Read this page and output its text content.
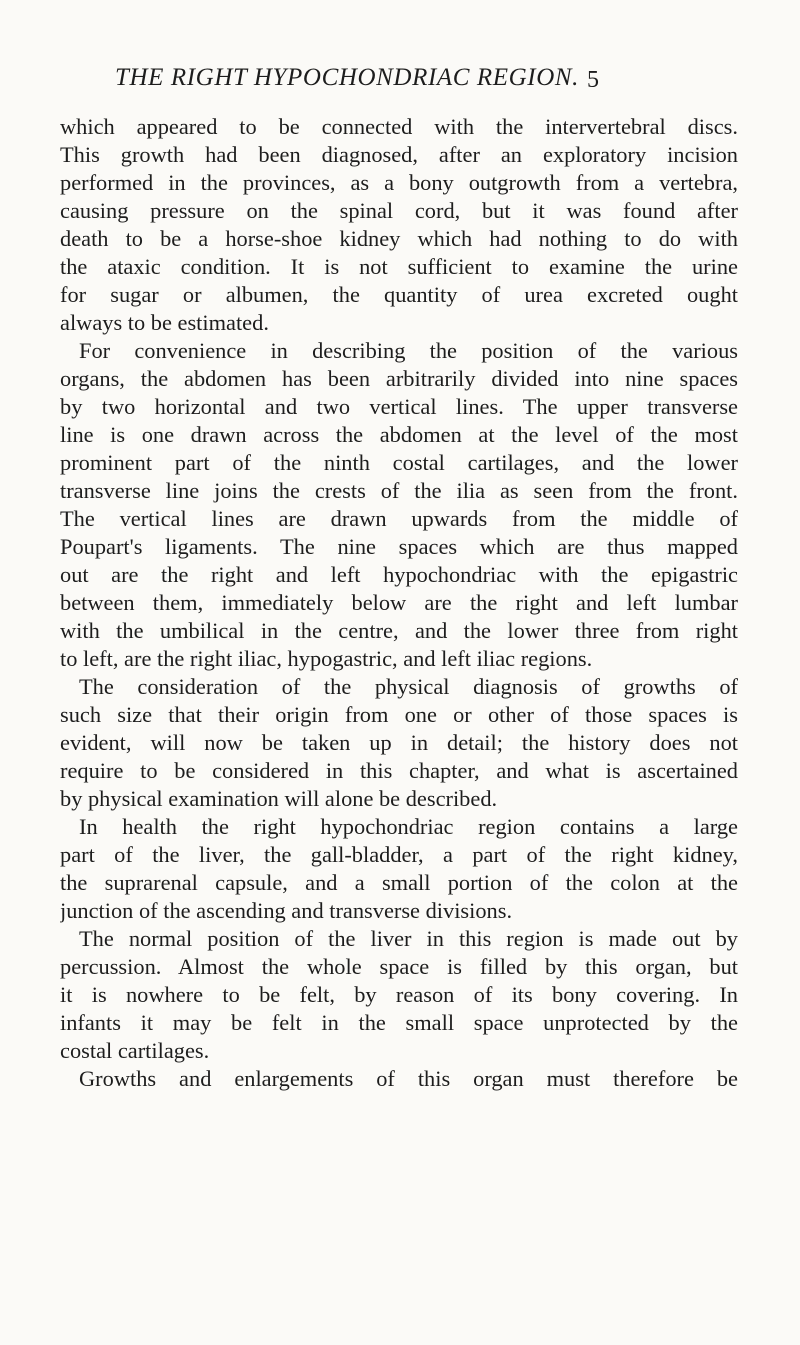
THE RIGHT HYPOCHONDRIAC REGION. 5
which appeared to be connected with the intervertebral discs.
This growth had been diagnosed, after an exploratory incision
performed in the provinces, as a bony outgrowth from a vertebra,
causing pressure on the spinal cord, but it was found after
death to be a horse-shoe kidney which had nothing to do with
the ataxic condition. It is not sufficient to examine the urine
for sugar or albumen, the quantity of urea excreted ought
always to be estimated.
For convenience in describing the position of the various
organs, the abdomen has been arbitrarily divided into nine spaces
by two horizontal and two vertical lines. The upper transverse
line is one drawn across the abdomen at the level of the most
prominent part of the ninth costal cartilages, and the lower
transverse line joins the crests of the ilia as seen from the front.
The vertical lines are drawn upwards from the middle of
Poupart's ligaments. The nine spaces which are thus mapped
out are the right and left hypochondriac with the epigastric
between them, immediately below are the right and left lumbar
with the umbilical in the centre, and the lower three from right
to left, are the right iliac, hypogastric, and left iliac regions.
The consideration of the physical diagnosis of growths of
such size that their origin from one or other of those spaces is
evident, will now be taken up in detail; the history does not
require to be considered in this chapter, and what is ascertained
by physical examination will alone be described.
In health the right hypochondriac region contains a large
part of the liver, the gall-bladder, a part of the right kidney,
the suprarenal capsule, and a small portion of the colon at the
junction of the ascending and transverse divisions.
The normal position of the liver in this region is made out by
percussion. Almost the whole space is filled by this organ, but
it is nowhere to be felt, by reason of its bony covering. In
infants it may be felt in the small space unprotected by the
costal cartilages.
Growths and enlargements of this organ must therefore be
